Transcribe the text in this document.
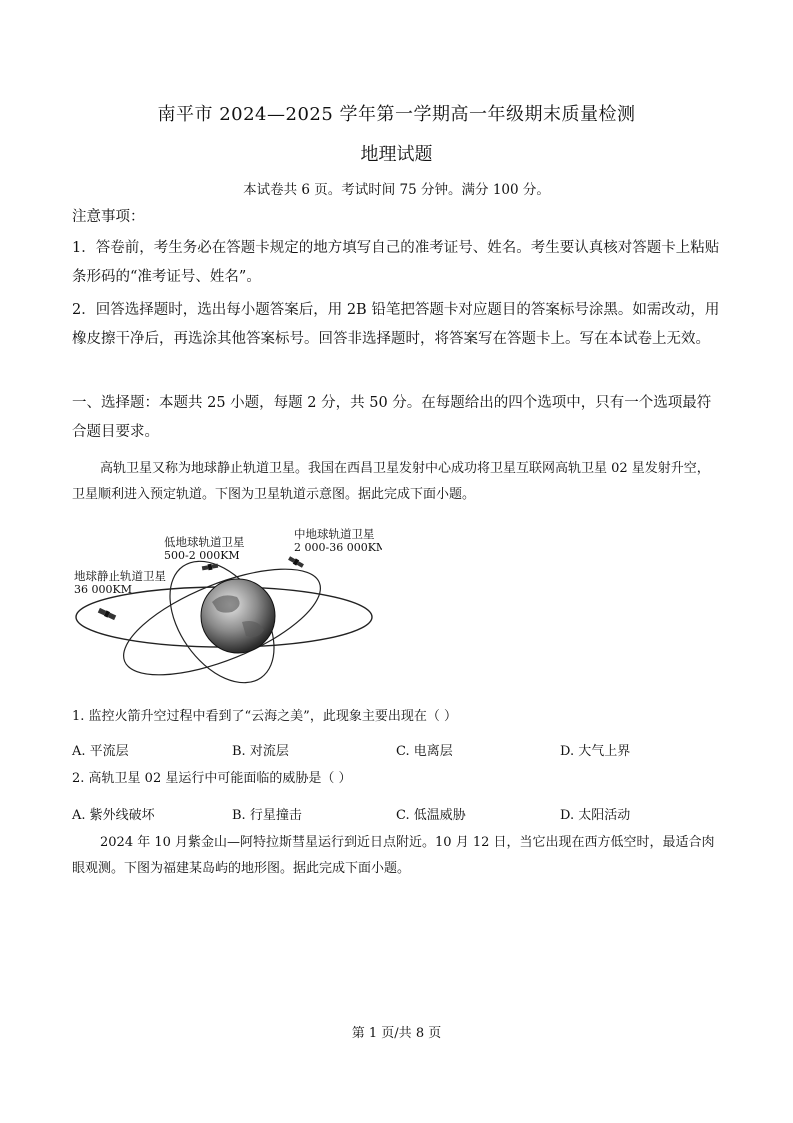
南平市 2024—2025 学年第一学期高一年级期末质量检测
地理试题
本试卷共 6 页。考试时间 75 分钟。满分 100 分。
注意事项：
1．答卷前，考生务必在答题卡规定的地方填写自己的准考证号、姓名。考生要认真核对答题卡上粘贴条形码的“准考证号、姓名”。
2．回答选择题时，选出每小题答案后，用 2B 铅笔把答题卡对应题目的答案标号涂黑。如需改动，用橡皮擦干净后，再选涂其他答案标号。回答非选择题时，将答案写在答题卡上。写在本试卷上无效。
一、选择题：本题共 25 小题，每题 2 分，共 50 分。在每题给出的四个选项中，只有一个选项最符合题目要求。
高轨卫星又称为地球静止轨道卫星。我国在西昌卫星发射中心成功将卫星互联网高轨卫星 02 星发射升空，卫星顺利进入预定轨道。下图为卫星轨道示意图。据此完成下面小题。
低地球轨道卫星
500-2 000KM
中地球轨道卫星
2 000-36 000KM
地球静止轨道卫星
36 000KM
1. 监控火箭升空过程中看到了“云海之美”，此现象主要出现在（ ）
A. 平流层	B. 对流层	C. 电离层	D. 大气上界
2. 高轨卫星 02 星运行中可能面临的威胁是（ ）
A. 紫外线破坏	B. 行星撞击	C. 低温威胁	D. 太阳活动
2024 年 10 月紫金山—阿特拉斯彗星运行到近日点附近。10 月 12 日，当它出现在西方低空时，最适合肉眼观测。下图为福建某岛屿的地形图。据此完成下面小题。
第 1 页/共 8 页
